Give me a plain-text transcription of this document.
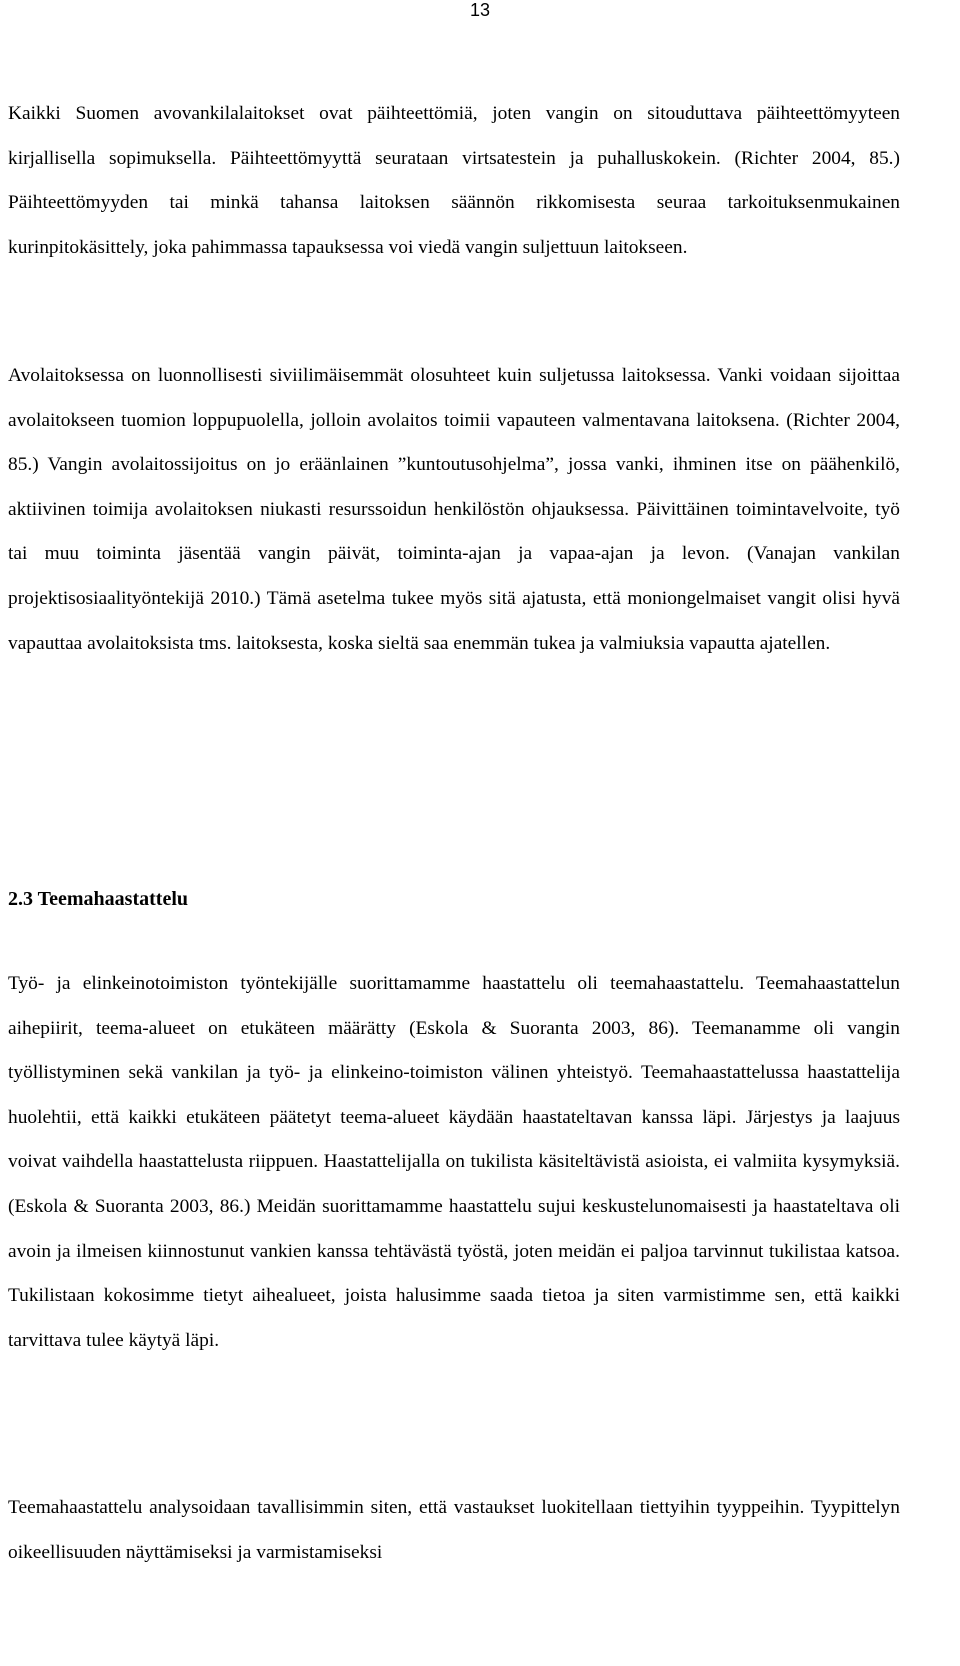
13

Kaikki Suomen avovankilalaitokset ovat päihteettömiä, joten vangin on sitouduttava päihteettömyyteen kirjallisella sopimuksella. Päihteettömyyttä seurataan virtsatestein ja puhalluskokein. (Richter 2004, 85.) Päihteettömyyden tai minkä tahansa laitoksen säännön rikkomisesta seuraa tarkoituksenmukainen kurinpitokäsittely, joka pahimmassa tapauksessa voi viedä vangin suljettuun laitokseen.

Avolaitoksessa on luonnollisesti siviilimäisemmät olosuhteet kuin suljetussa laitoksessa. Vanki voidaan sijoittaa avolaitokseen tuomion loppupuolella, jolloin avolaitos toimii vapauteen valmentavana laitoksena. (Richter 2004, 85.) Vangin avolaitossijoitus on jo eräänlainen ”kuntoutusohjelma”, jossa vanki, ihminen itse on päähenkilö, aktiivinen toimija avolaitoksen niukasti resurssoidun henkilöstön ohjauksessa. Päivittäinen toimintavelvoite, työ tai muu toiminta jäsentää vangin päivät, toiminta-ajan ja vapaa-ajan ja levon. (Vanajan vankilan projektisosiaalityöntekijä 2010.) Tämä asetelma tukee myös sitä ajatusta, että moniongelmaiset vangit olisi hyvä vapauttaa avolaitoksista tms. laitoksesta, koska sieltä saa enemmän tukea ja valmiuksia vapautta ajatellen.

2.3 Teemahaastattelu

Työ- ja elinkeinotoimiston työntekijälle suorittamamme haastattelu oli teemahaastattelu. Teemahaastattelun aihepiirit, teema-alueet on etukäteen määrätty (Eskola & Suoranta 2003, 86). Teemanamme oli vangin työllistyminen sekä vankilan ja työ- ja elinkeino-toimiston välinen yhteistyö. Teemahaastattelussa haastattelija huolehtii, että kaikki etukäteen päätetyt teema-alueet käydään haastateltavan kanssa läpi. Järjestys ja laajuus voivat vaihdella haastattelusta riippuen. Haastattelijalla on tukilista käsiteltävistä asioista, ei valmiita kysymyksiä. (Eskola & Suoranta 2003, 86.) Meidän suorittamamme haastattelu sujui keskustelunomaisesti ja haastateltava oli avoin ja ilmeisen kiinnostunut vankien kanssa tehtävästä työstä, joten meidän ei paljoa tarvinnut tukilistaa katsoa. Tukilistaan kokosimme tietyt aihealueet, joista halusimme saada tietoa ja siten varmistimme sen, että kaikki tarvittava tulee käytyä läpi.

Teemahaastattelu analysoidaan tavallisimmin siten, että vastaukset luokitellaan tiettyihin tyyppeihin. Tyypittelyn oikeellisuuden näyttämiseksi ja varmistamiseksi
